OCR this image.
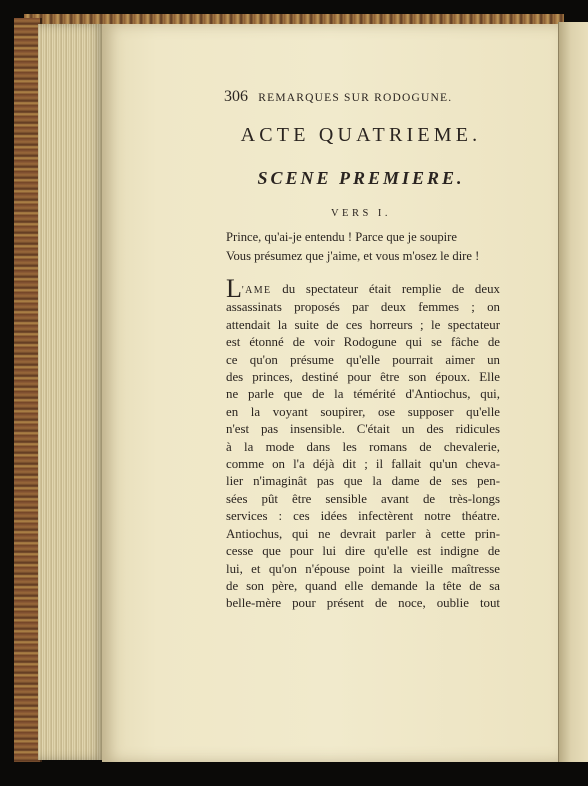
306 REMARQUES SUR RODOGUNE.
ACTE QUATRIEME.
SCENE PREMIERE.
VERS I.
Prince, qu'ai-je entendu ! Parce que je soupire
Vous présumez que j'aime, et vous m'osez le dire !
L'AME du spectateur était remplie de deux
assassinats proposés par deux femmes ; on
attendait la suite de ces horreurs ; le spectateur
est étonné de voir Rodogune qui se fâche de
ce qu'on présume qu'elle pourrait aimer un
des princes, destiné pour être son époux. Elle
ne parle que de la témérité d'Antiochus, qui,
en la voyant soupirer, ose supposer qu'elle
n'est pas insensible. C'était un des ridicules
à la mode dans les romans de chevalerie,
comme on l'a déjà dit ; il fallait qu'un cheva-
lier n'imaginât pas que la dame de ses pen-
sées pût être sensible avant de très-longs
services : ces idées infectèrent notre théatre.
Antiochus, qui ne devrait parler à cette prin-
cesse que pour lui dire qu'elle est indigne de
lui, et qu'on n'épouse point la vieille maîtresse
de son père, quand elle demande la tête de sa
belle-mère pour présent de noce, oublie tout
